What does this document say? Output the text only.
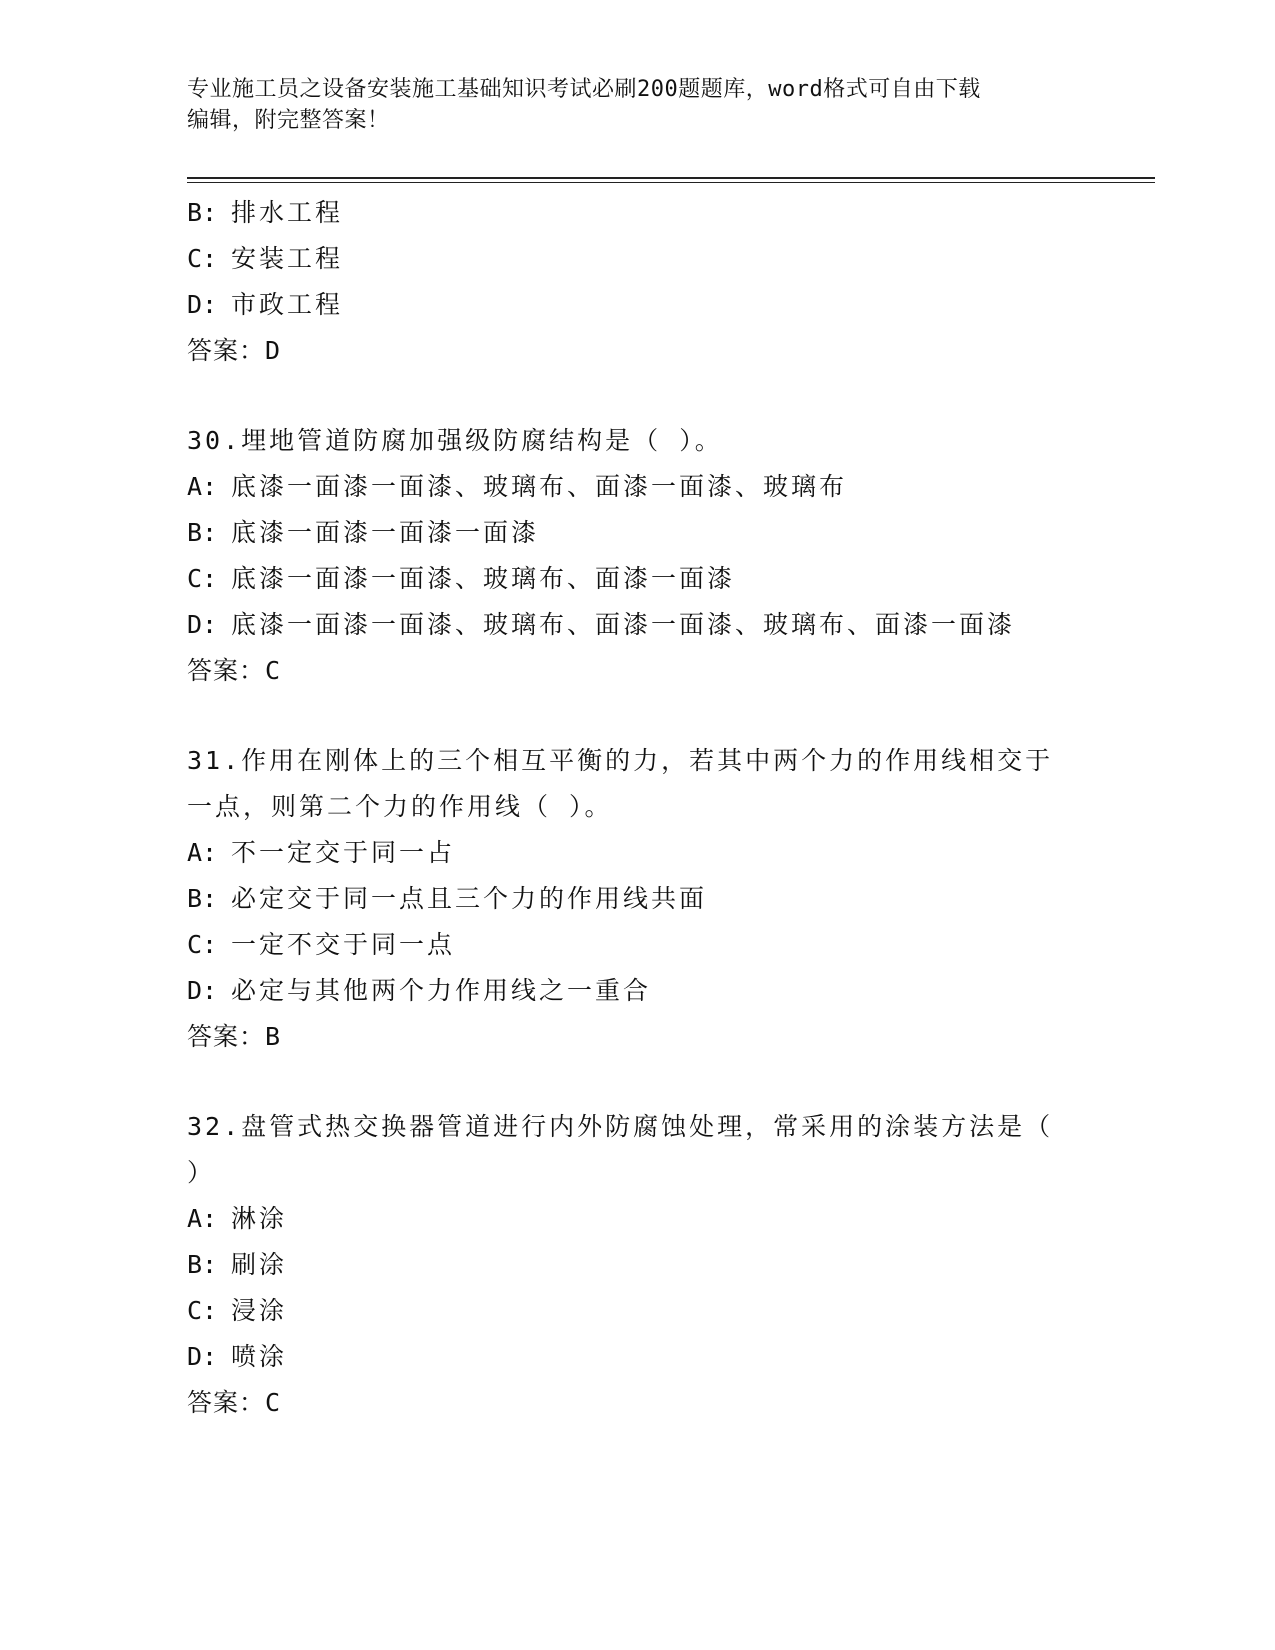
专业施工员之设备安装施工基础知识考试必刷200题题库，word格式可自由下载
编辑，附完整答案！
B: 排水工程
C: 安装工程
D: 市政工程
答案：D
30.埋地管道防腐加强级防腐结构是（ ）。
A: 底漆一面漆一面漆、玻璃布、面漆一面漆、玻璃布
B: 底漆一面漆一面漆一面漆
C: 底漆一面漆一面漆、玻璃布、面漆一面漆
D: 底漆一面漆一面漆、玻璃布、面漆一面漆、玻璃布、面漆一面漆
答案：C
31.作用在刚体上的三个相互平衡的力，若其中两个力的作用线相交于
一点，则第二个力的作用线（ ）。
A: 不一定交于同一占
B: 必定交于同一点且三个力的作用线共面
C: 一定不交于同一点
D: 必定与其他两个力作用线之一重合
答案：B
32.盘管式热交换器管道进行内外防腐蚀处理，常采用的涂装方法是（
）
A: 淋涂
B: 刷涂
C: 浸涂
D: 喷涂
答案：C
